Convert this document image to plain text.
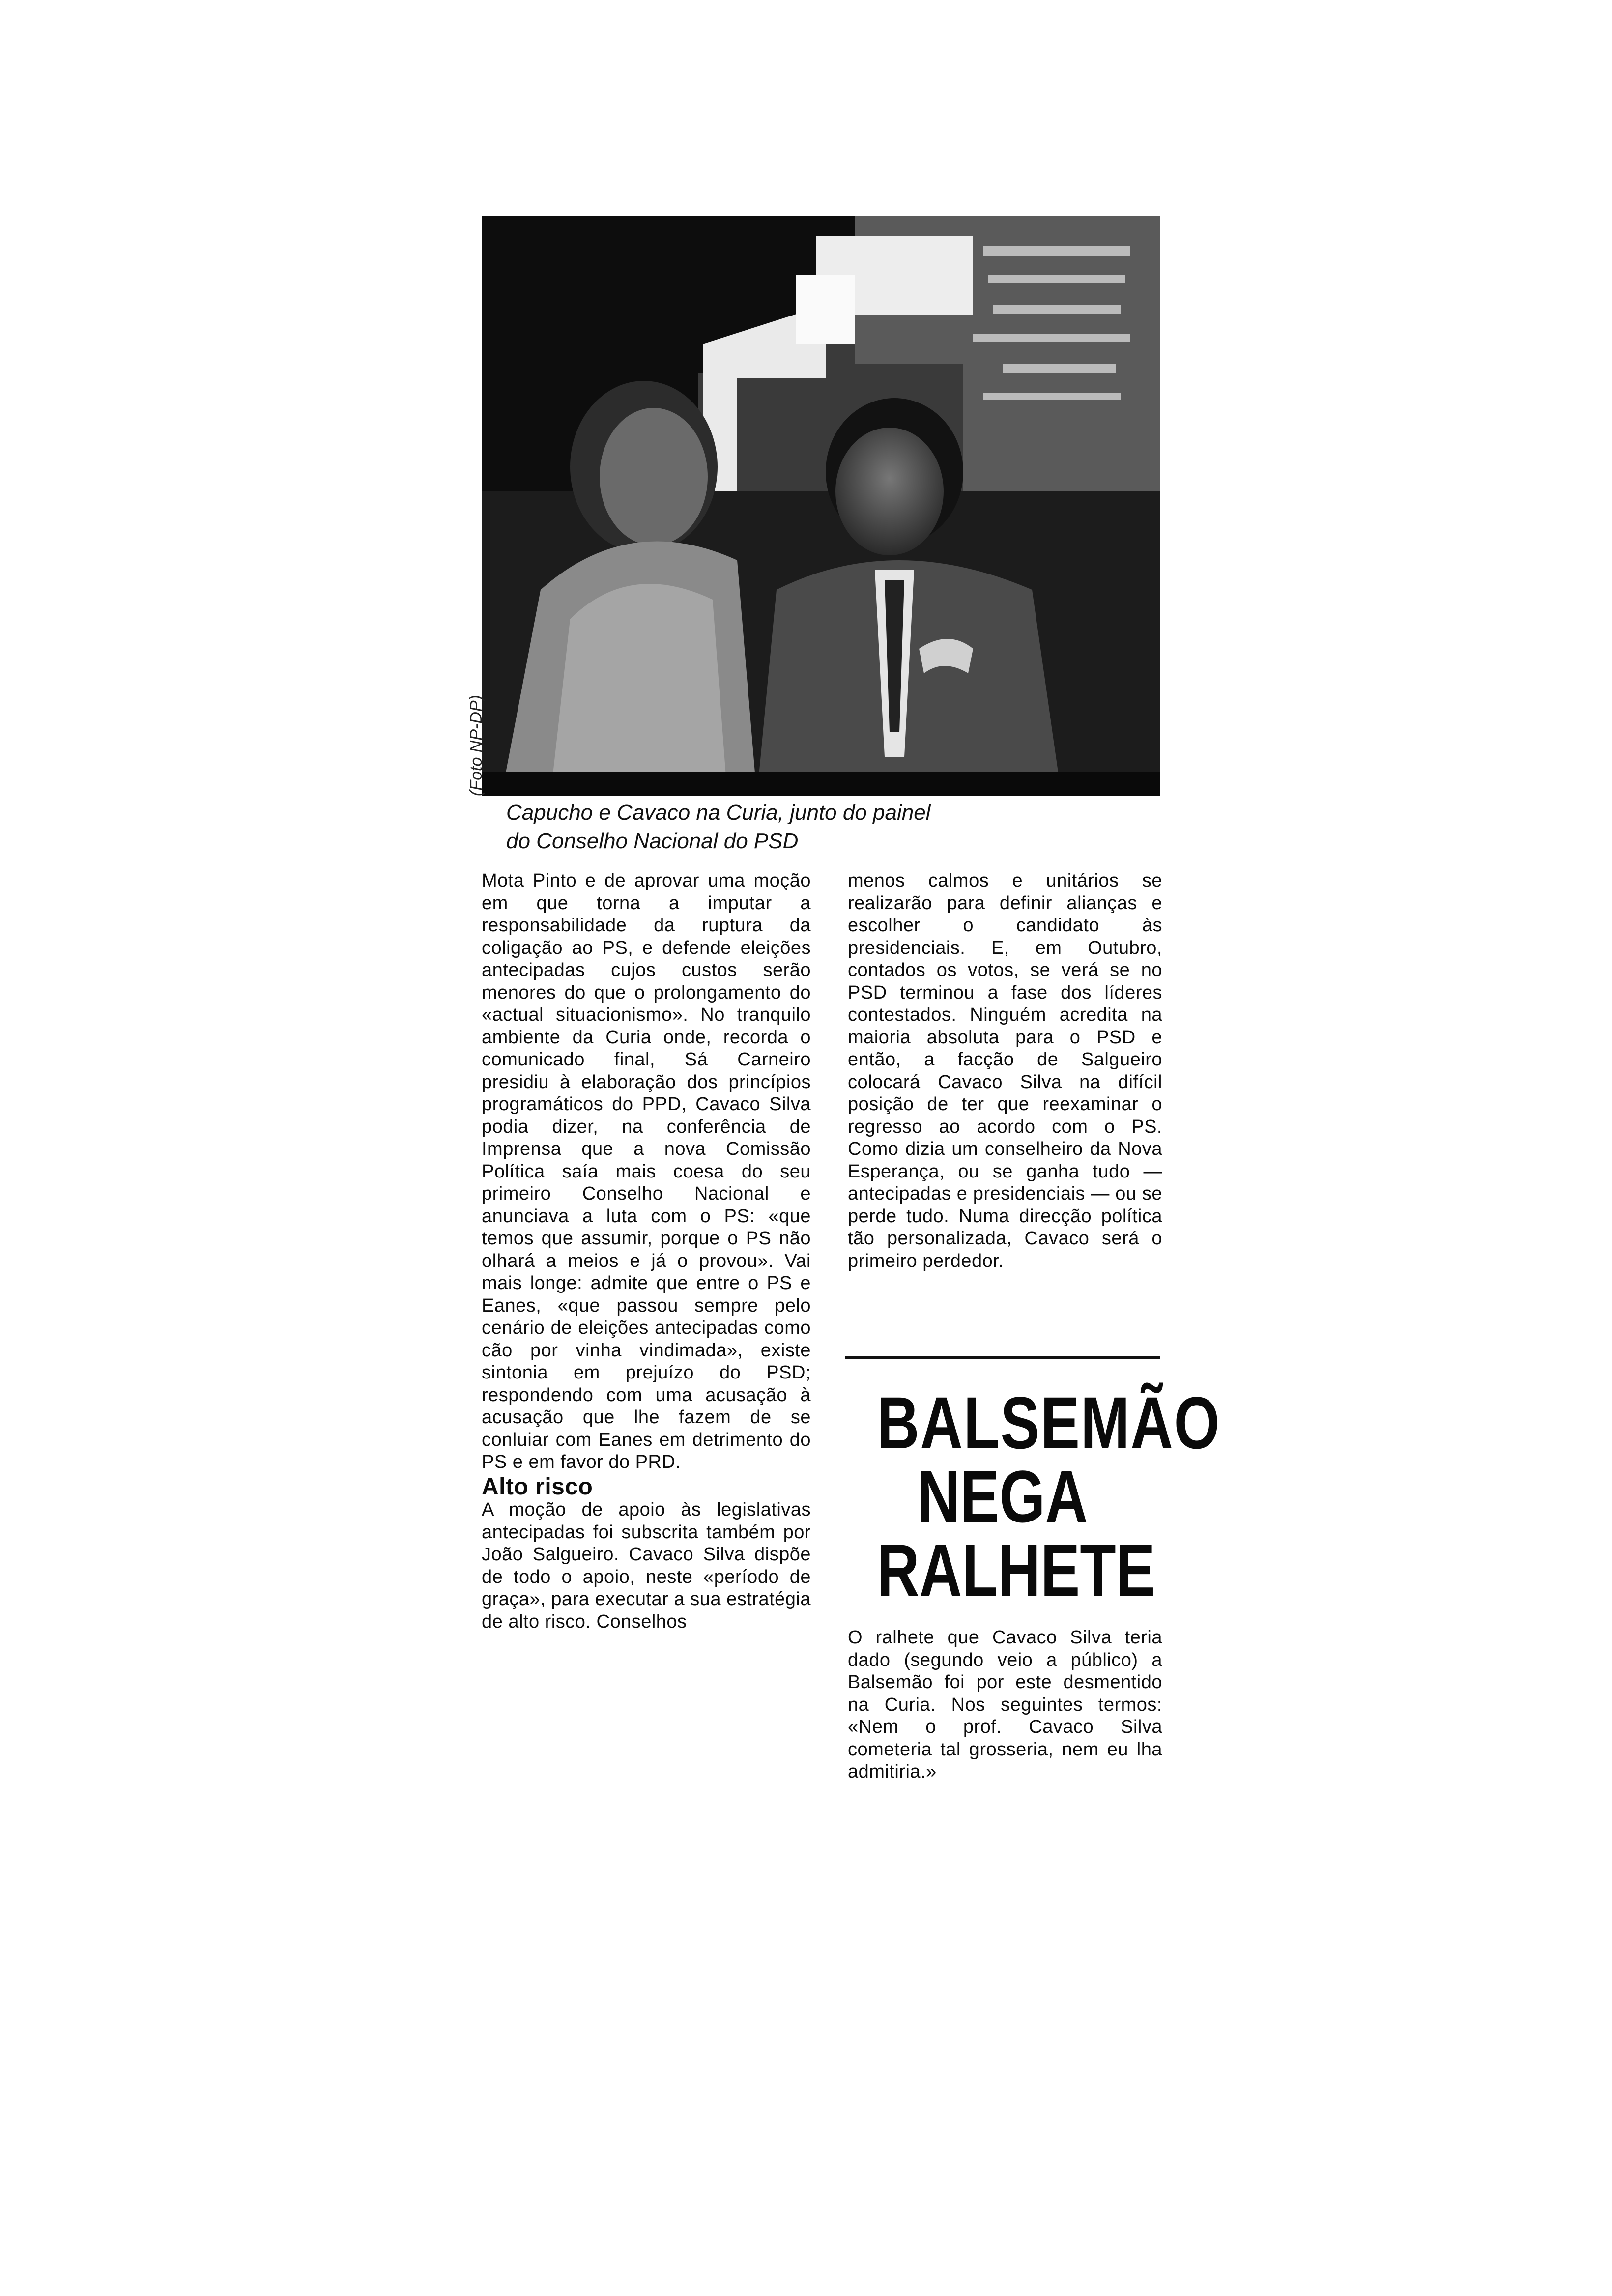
(Foto NP-DP)
Capucho e Cavaco na Curia, junto do painel
do Conselho Nacional do PSD

Mota Pinto e de aprovar uma moção em que torna a imputar a responsabilidade da ruptura da coligação ao PS, e defende eleições antecipadas cujos custos serão menores do que o prolongamento do «actual situacionismo». No tranquilo ambiente da Curia onde, recorda o comunicado final, Sá Carneiro presidiu à elaboração dos princípios programáticos do PPD, Cavaco Silva podia dizer, na conferência de Imprensa que a nova Comissão Política saía mais coesa do seu primeiro Conselho Nacional e anunciava a luta com o PS: «que temos que assumir, porque o PS não olhará a meios e já o provou». Vai mais longe: admite que entre o PS e Eanes, «que passou sempre pelo cenário de eleições antecipadas como cão por vinha vindimada», existe sintonia em prejuízo do PSD; respondendo com uma acusação à acusação que lhe fazem de se conluiar com Eanes em detrimento do PS e em favor do PRD.

Alto risco

A moção de apoio às legislativas antecipadas foi subscrita também por João Salgueiro. Cavaco Silva dispõe de todo o apoio, neste «período de graça», para executar a sua estratégia de alto risco. Conselhos

menos calmos e unitários se realizarão para definir alianças e escolher o candidato às presidenciais. E, em Outubro, contados os votos, se verá se no PSD terminou a fase dos líderes contestados. Ninguém acredita na maioria absoluta para o PSD e então, a facção de Salgueiro colocará Cavaco Silva na difícil posição de ter que reexaminar o regresso ao acordo com o PS. Como dizia um conselheiro da Nova Esperança, ou se ganha tudo — antecipadas e presidenciais — ou se perde tudo. Numa direcção política tão personalizada, Cavaco será o primeiro perdedor.

BALSEMÃO
NEGA
RALHETE

O ralhete que Cavaco Silva teria dado (segundo veio a público) a Balsemão foi por este desmentido na Curia. Nos seguintes termos: «Nem o prof. Cavaco Silva cometeria tal grosseria, nem eu lha admitiria.»
